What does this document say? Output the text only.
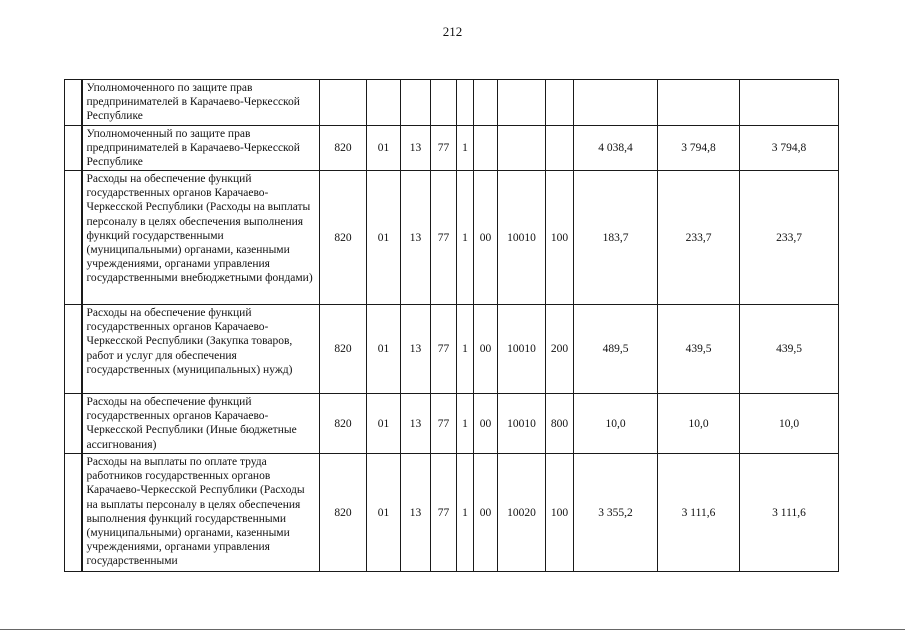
212
	Уполномоченного по защите прав предпринимателей в Карачаево-Черкесской Республике											
	Уполномоченный по защите прав предпринимателей в Карачаево-Черкесской Республике	820	01	13	77	1				4 038,4	3 794,8	3 794,8
	Расходы на обеспечение функций государственных органов Карачаево-Черкесской Республики (Расходы на выплаты персоналу в целях обеспечения выполнения функций государственными (муниципальными) органами, казенными учреждениями, органами управления государственными внебюджетными фондами)	820	01	13	77	1	00	10010	100	183,7	233,7	233,7
	Расходы на обеспечение функций государственных органов Карачаево-Черкесской Республики (Закупка товаров, работ и услуг для обеспечения государственных (муниципальных) нужд)	820	01	13	77	1	00	10010	200	489,5	439,5	439,5
	Расходы на обеспечение функций государственных органов Карачаево-Черкесской Республики (Иные бюджетные ассигнования)	820	01	13	77	1	00	10010	800	10,0	10,0	10,0
	Расходы на выплаты по оплате труда работников государственных органов Карачаево-Черкесской Республики (Расходы на выплаты персоналу в целях обеспечения выполнения функций государственными (муниципальными) органами, казенными учреждениями, органами управления государственными	820	01	13	77	1	00	10020	100	3 355,2	3 111,6	3 111,6
